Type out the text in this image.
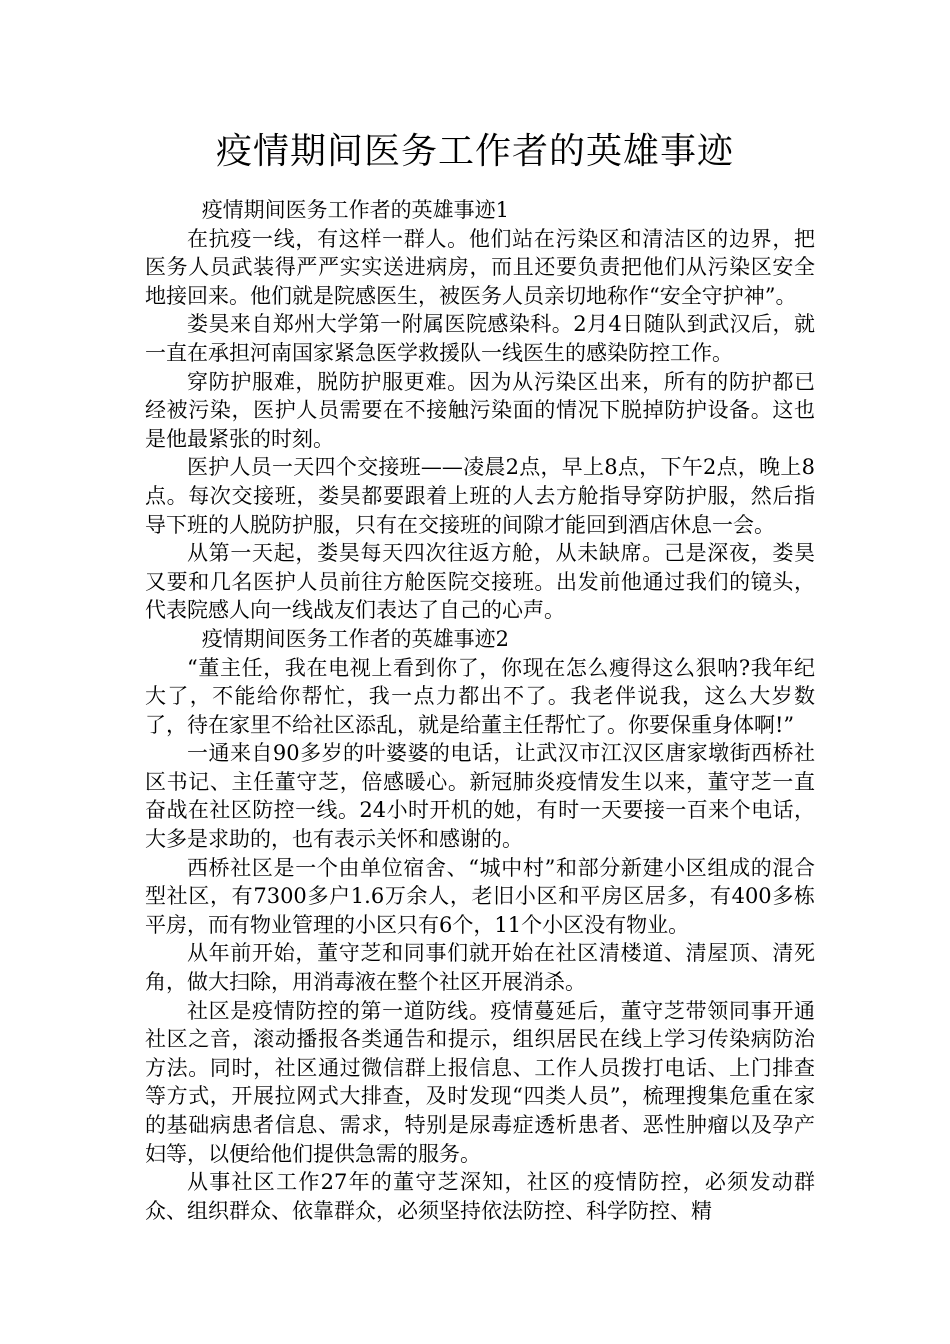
疫情期间医务工作者的英雄事迹

疫情期间医务工作者的英雄事迹1

在抗疫一线，有这样一群人。他们站在污染区和清洁区的边界，把医务人员武装得严严实实送进病房，而且还要负责把他们从污染区安全地接回来。他们就是院感医生，被医务人员亲切地称作“安全守护神”。

娄昊来自郑州大学第一附属医院感染科。2月4日随队到武汉后，就一直在承担河南国家紧急医学救援队一线医生的感染防控工作。

穿防护服难，脱防护服更难。因为从污染区出来，所有的防护都已经被污染，医护人员需要在不接触污染面的情况下脱掉防护设备。这也是他最紧张的时刻。

医护人员一天四个交接班——凌晨2点，早上8点，下午2点，晚上8点。每次交接班，娄昊都要跟着上班的人去方舱指导穿防护服，然后指导下班的人脱防护服，只有在交接班的间隙才能回到酒店休息一会。

从第一天起，娄昊每天四次往返方舱，从未缺席。己是深夜，娄昊又要和几名医护人员前往方舱医院交接班。出发前他通过我们的镜头，代表院感人向一线战友们表达了自己的心声。

疫情期间医务工作者的英雄事迹2

“董主任，我在电视上看到你了，你现在怎么瘦得这么狠呐?我年纪大了，不能给你帮忙，我一点力都出不了。我老伴说我，这么大岁数了，待在家里不给社区添乱，就是给董主任帮忙了。你要保重身体啊!”

一通来自90多岁的叶婆婆的电话，让武汉市江汉区唐家墩街西桥社区书记、主任董守芝，倍感暖心。新冠肺炎疫情发生以来，董守芝一直奋战在社区防控一线。24小时开机的她，有时一天要接一百来个电话，大多是求助的，也有表示关怀和感谢的。

西桥社区是一个由单位宿舍、“城中村”和部分新建小区组成的混合型社区，有7300多户1.6万余人，老旧小区和平房区居多，有400多栋平房，而有物业管理的小区只有6个，11个小区没有物业。

从年前开始，董守芝和同事们就开始在社区清楼道、清屋顶、清死角，做大扫除，用消毒液在整个社区开展消杀。

社区是疫情防控的第一道防线。疫情蔓延后，董守芝带领同事开通社区之音，滚动播报各类通告和提示，组织居民在线上学习传染病防治方法。同时，社区通过微信群上报信息、工作人员拨打电话、上门排查等方式，开展拉网式大排查，及时发现“四类人员”，梳理搜集危重在家的基础病患者信息、需求，特别是尿毒症透析患者、恶性肿瘤以及孕产妇等，以便给他们提供急需的服务。

从事社区工作27年的董守芝深知，社区的疫情防控，必须发动群众、组织群众、依靠群众，必须坚持依法防控、科学防控、精
